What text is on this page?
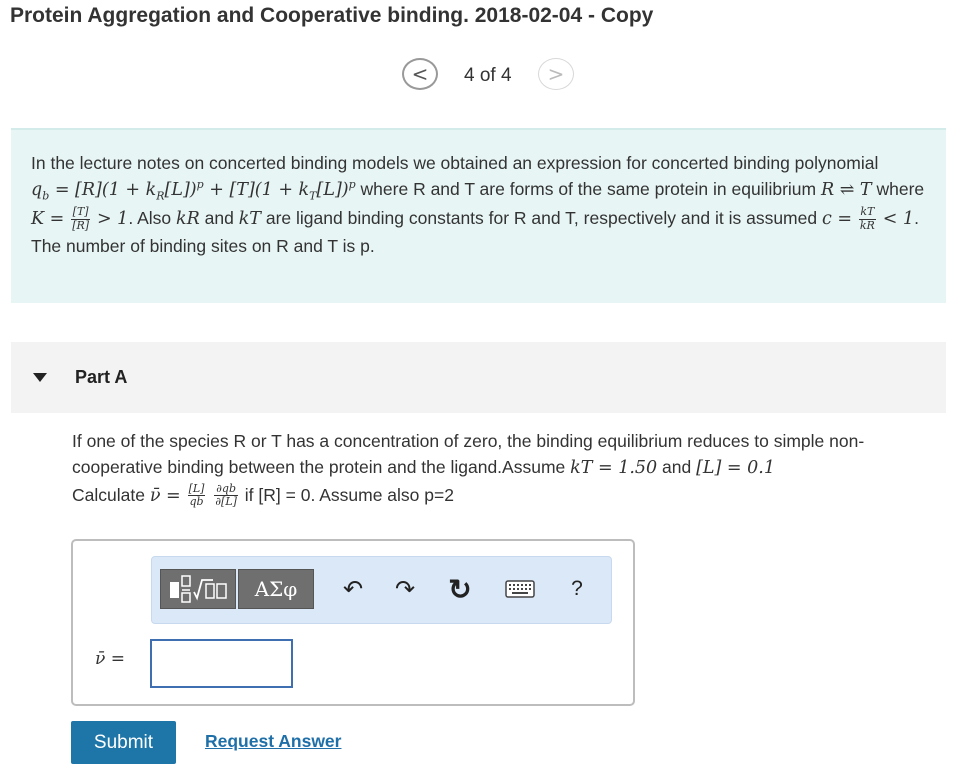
Protein Aggregation and Cooperative binding. 2018-02-04 - Copy
< 4 of 4 >
In the lecture notes on concerted binding models we obtained an expression for concerted binding polynomial $q_b = [R](1 + k_R[L])^p + [T](1 + k_T[L])^p$ where R and T are forms of the same protein in equilibrium R ⇌ T where $K = \frac{[T]}{[R]} > 1$. Also kR and kT are ligand binding constants for R and T, respectively and it is assumed $c = \frac{kT}{kR} < 1$. The number of binding sites on R and T is p.
Part A
If one of the species R or T has a concentration of zero, the binding equilibrium reduces to simple non-cooperative binding between the protein and the ligand.Assume kT = 1.50 and [L] = 0.1
Calculate ν̄ = $\frac{[L]}{qb}$
$\frac{\partial qb}{\partial[L]}$ if [R] = 0. Assume also p=2
ΑΣφ	↶ ↷ ↻	?
ν̄ =
Submit	Request Answer
